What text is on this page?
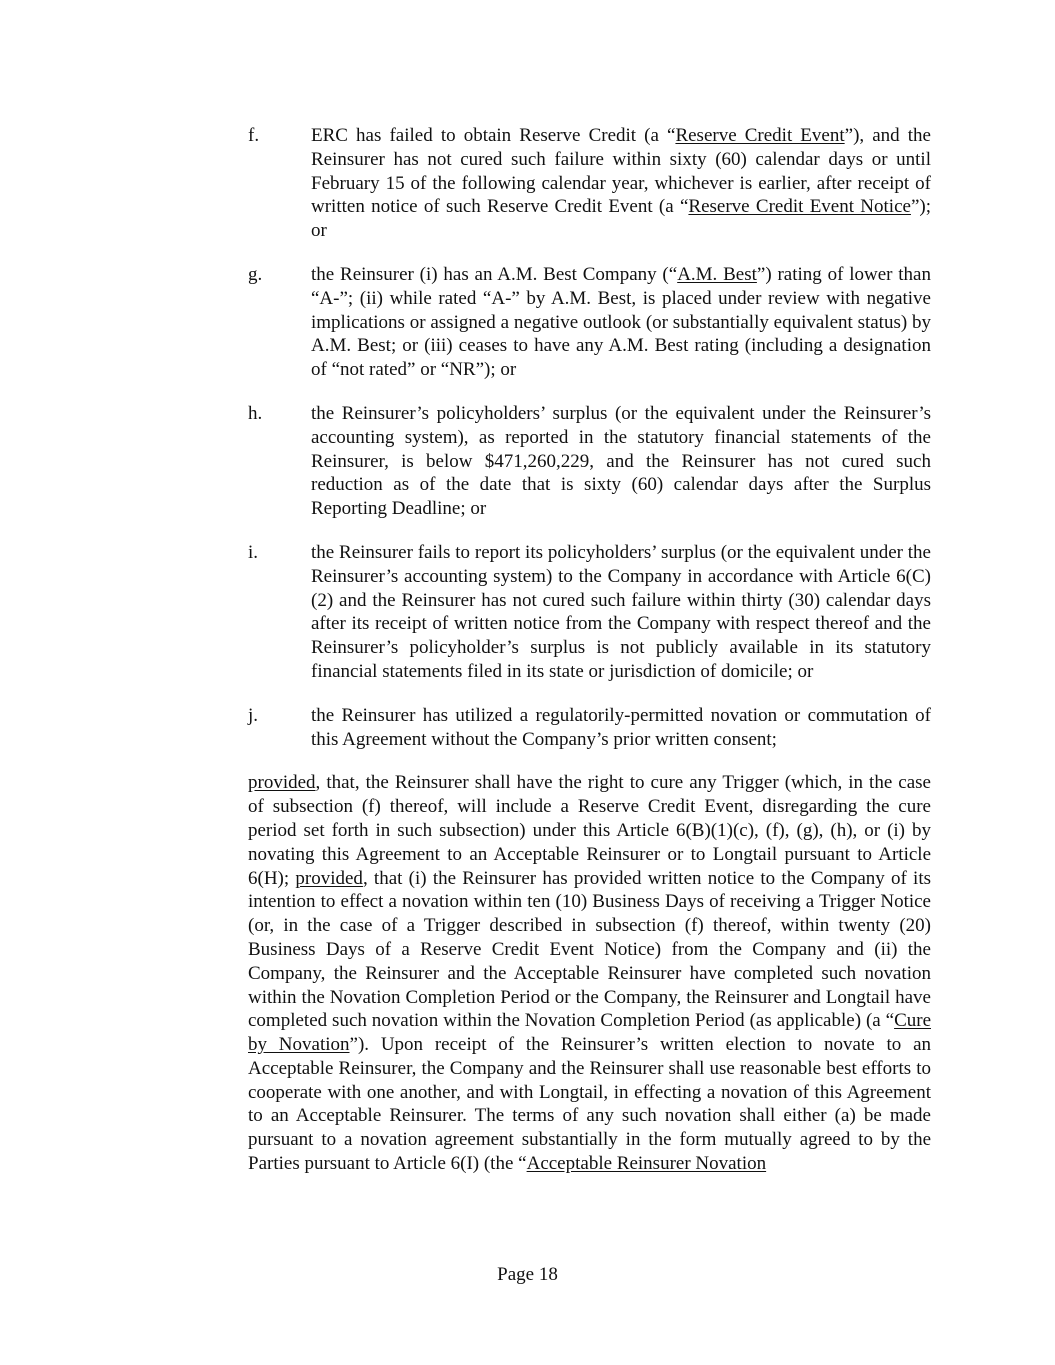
f.	ERC has failed to obtain Reserve Credit (a “Reserve Credit Event”), and the Reinsurer has not cured such failure within sixty (60) calendar days or until February 15 of the following calendar year, whichever is earlier, after receipt of written notice of such Reserve Credit Event (a “Reserve Credit Event Notice”); or

g.	the Reinsurer (i) has an A.M. Best Company (“A.M. Best”) rating of lower than “A-”; (ii) while rated “A-” by A.M. Best, is placed under review with negative implications or assigned a negative outlook (or substantially equivalent status) by A.M. Best; or (iii) ceases to have any A.M. Best rating (including a designation of “not rated” or “NR”); or

h.	the Reinsurer’s policyholders’ surplus (or the equivalent under the Reinsurer’s accounting system), as reported in the statutory financial statements of the Reinsurer, is below $471,260,229, and the Reinsurer has not cured such reduction as of the date that is sixty (60) calendar days after the Surplus Reporting Deadline; or

i.	the Reinsurer fails to report its policyholders’ surplus (or the equivalent under the Reinsurer’s accounting system) to the Company in accordance with Article 6(C)(2) and the Reinsurer has not cured such failure within thirty (30) calendar days after its receipt of written notice from the Company with respect thereof and the Reinsurer’s policyholder’s surplus is not publicly available in its statutory financial statements filed in its state or jurisdiction of domicile; or

j.	the Reinsurer has utilized a regulatorily-permitted novation or commutation of this Agreement without the Company’s prior written consent;

provided, that, the Reinsurer shall have the right to cure any Trigger (which, in the case of subsection (f) thereof, will include a Reserve Credit Event, disregarding the cure period set forth in such subsection) under this Article 6(B)(1)(c), (f), (g), (h), or (i) by novating this Agreement to an Acceptable Reinsurer or to Longtail pursuant to Article 6(H); provided, that (i) the Reinsurer has provided written notice to the Company of its intention to effect a novation within ten (10) Business Days of receiving a Trigger Notice (or, in the case of a Trigger described in subsection (f) thereof, within twenty (20) Business Days of a Reserve Credit Event Notice) from the Company and (ii) the Company, the Reinsurer and the Acceptable Reinsurer have completed such novation within the Novation Completion Period or the Company, the Reinsurer and Longtail have completed such novation within the Novation Completion Period (as applicable) (a “Cure by Novation”). Upon receipt of the Reinsurer’s written election to novate to an Acceptable Reinsurer, the Company and the Reinsurer shall use reasonable best efforts to cooperate with one another, and with Longtail, in effecting a novation of this Agreement to an Acceptable Reinsurer. The terms of any such novation shall either (a) be made pursuant to a novation agreement substantially in the form mutually agreed to by the Parties pursuant to Article 6(I) (the “Acceptable Reinsurer Novation

Page 18
